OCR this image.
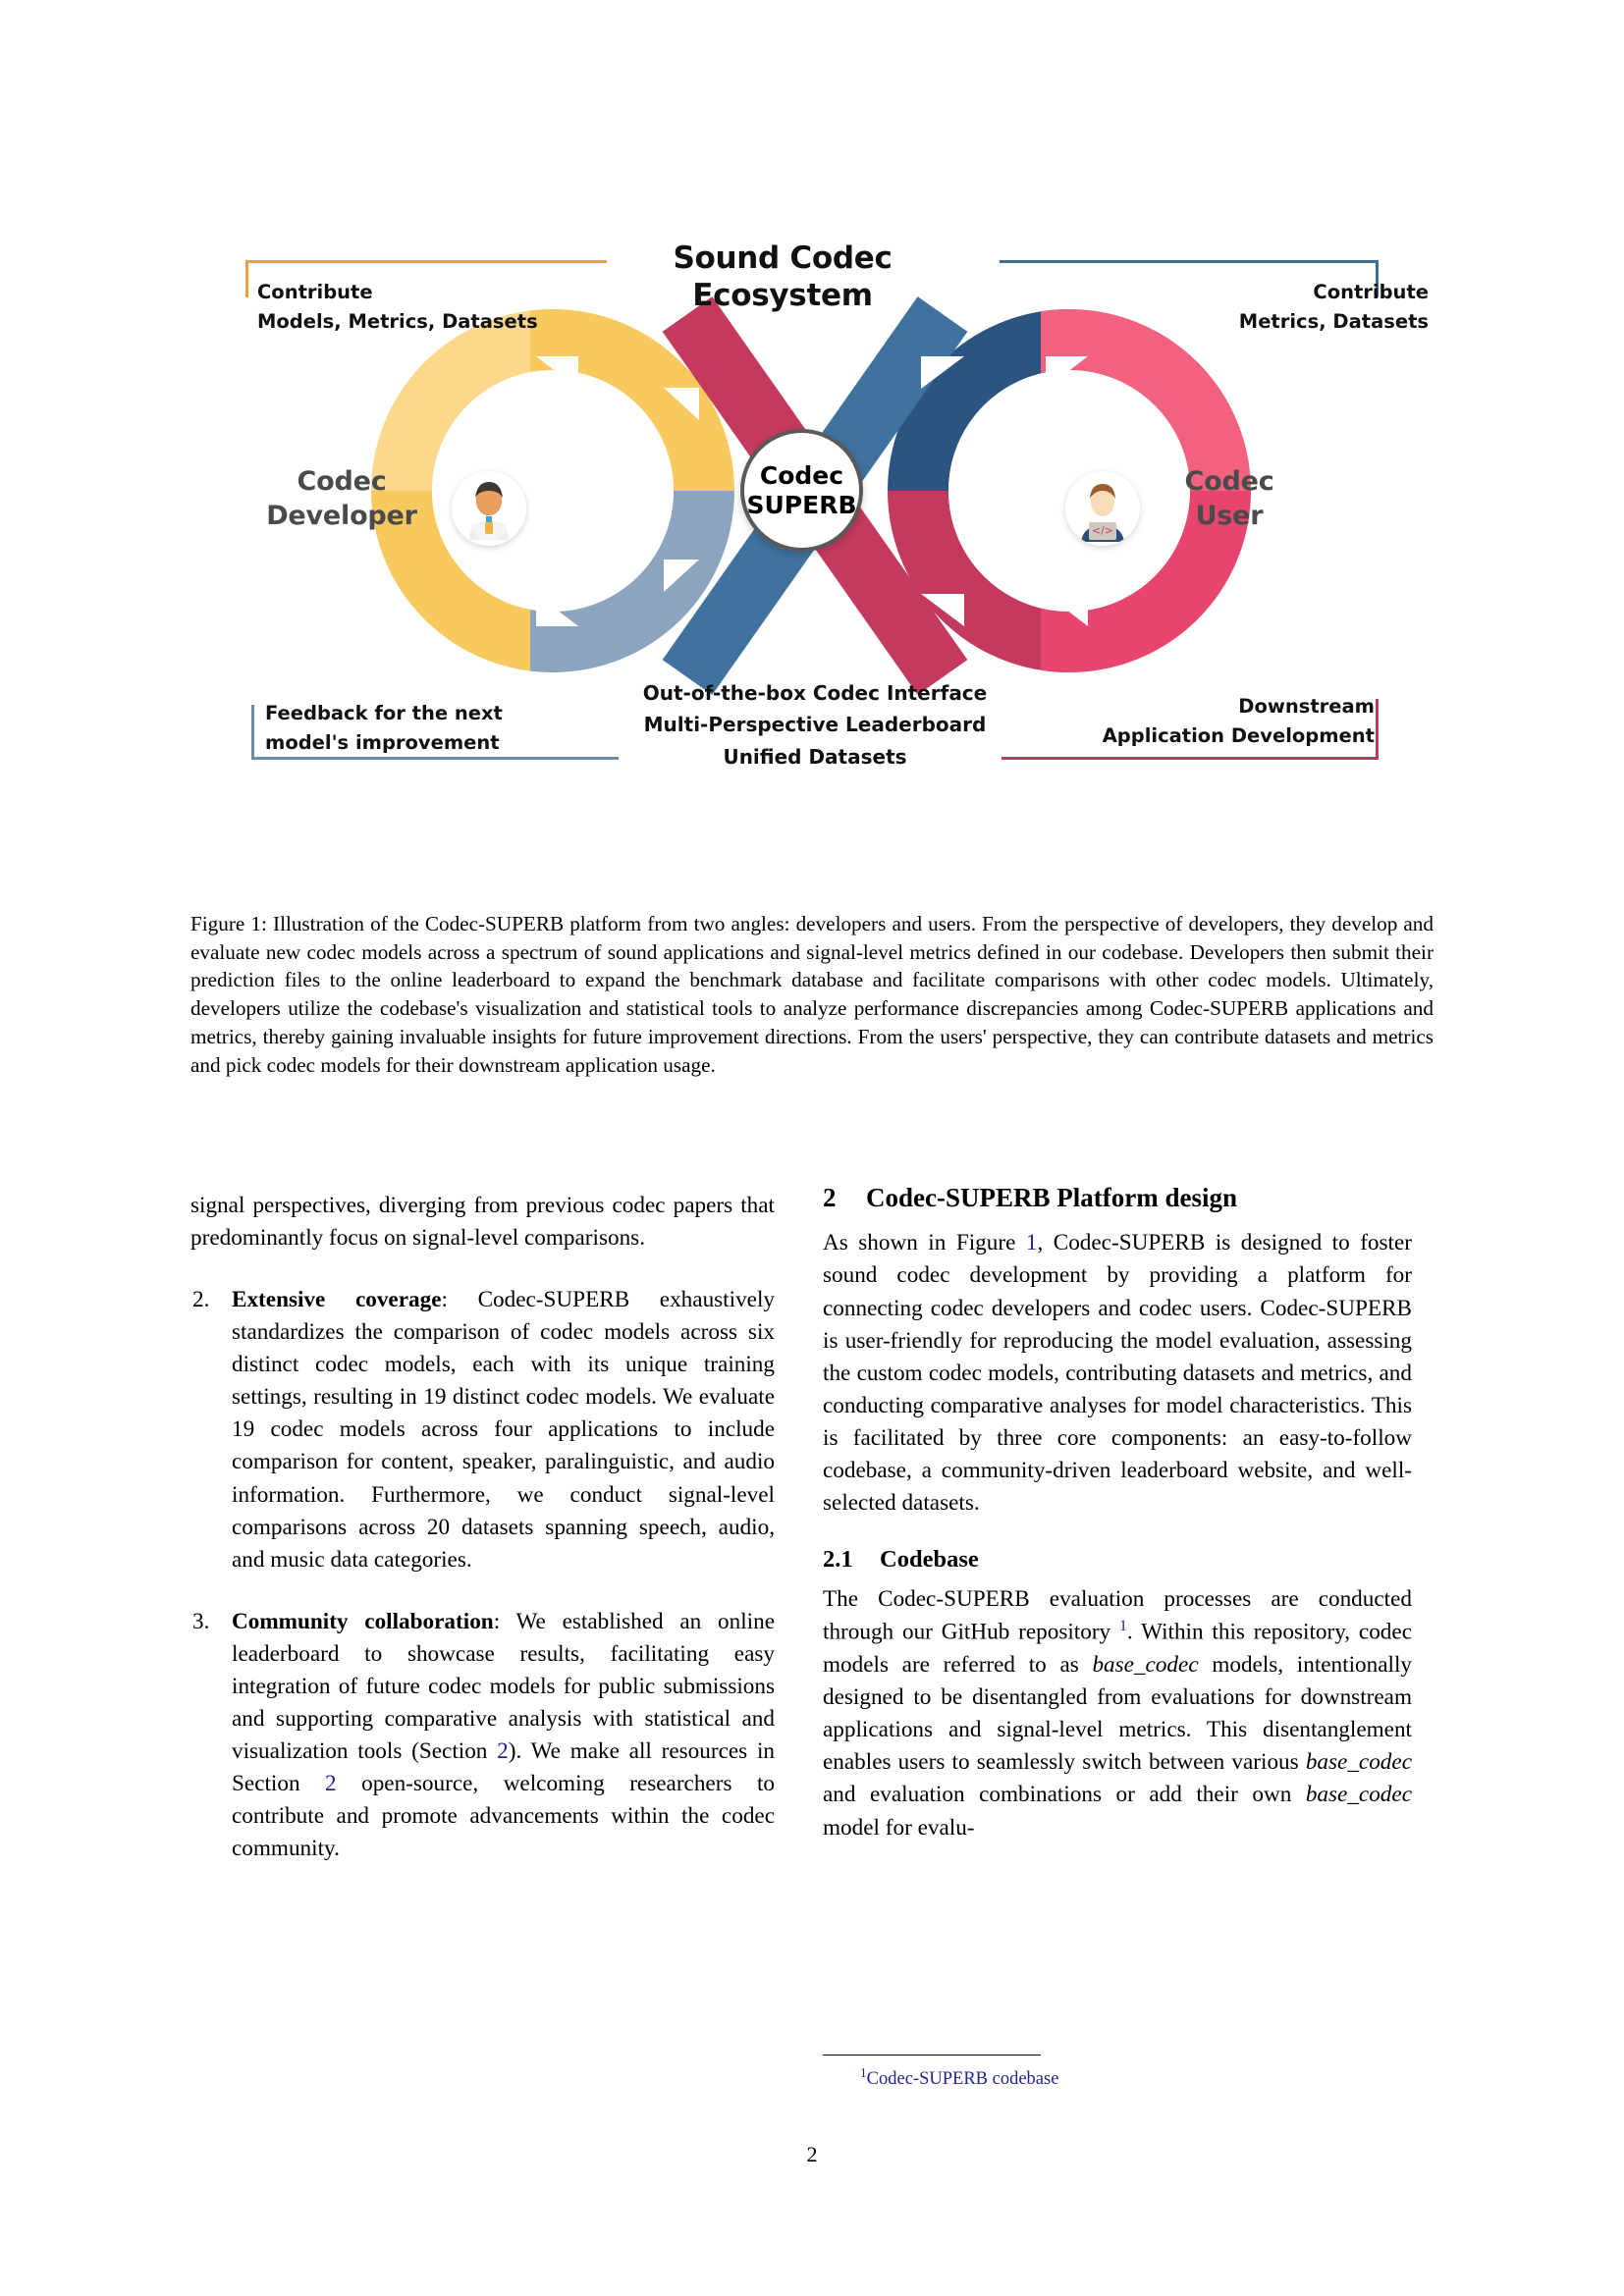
Sound Codec
Ecosystem
Codec
SUPERB
</>
Contribute
Models, Metrics, Datasets
Contribute
Metrics, Datasets
Feedback for the next
model's improvement
Downstream
Application Development
Out-of-the-box Codec Interface
Multi-Perspective Leaderboard
Unified Datasets
Codec
Developer
Codec
User
Figure 1: Illustration of the Codec-SUPERB platform from two angles: developers and users. From the perspective of developers, they develop and evaluate new codec models across a spectrum of sound applications and signal-level metrics defined in our codebase. Developers then submit their prediction files to the online leaderboard to expand the benchmark database and facilitate comparisons with other codec models. Ultimately, developers utilize the codebase's visualization and statistical tools to analyze performance discrepancies among Codec-SUPERB applications and metrics, thereby gaining invaluable insights for future improvement directions. From the users' perspective, they can contribute datasets and metrics and pick codec models for their downstream application usage.
signal perspectives, diverging from previous codec papers that predominantly focus on signal-level comparisons.
2. Extensive coverage: Codec-SUPERB exhaustively standardizes the comparison of codec models across six distinct codec models, each with its unique training settings, resulting in 19 distinct codec models. We evaluate 19 codec models across four applications to include comparison for content, speaker, paralinguistic, and audio information. Furthermore, we conduct signal-level comparisons across 20 datasets spanning speech, audio, and music data categories.
3. Community collaboration: We established an online leaderboard to showcase results, facilitating easy integration of future codec models for public submissions and supporting comparative analysis with statistical and visualization tools (Section 2). We make all resources in Section 2 open-source, welcoming researchers to contribute and promote advancements within the codec community.
2 Codec-SUPERB Platform design
As shown in Figure 1, Codec-SUPERB is designed to foster sound codec development by providing a platform for connecting codec developers and codec users. Codec-SUPERB is user-friendly for reproducing the model evaluation, assessing the custom codec models, contributing datasets and metrics, and conducting comparative analyses for model characteristics. This is facilitated by three core components: an easy-to-follow codebase, a community-driven leaderboard website, and well-selected datasets.
2.1 Codebase
The Codec-SUPERB evaluation processes are conducted through our GitHub repository $^1$. Within this repository, codec models are referred to as base_codec models, intentionally designed to be disentangled from evaluations for downstream applications and signal-level metrics. This disentanglement enables users to seamlessly switch between various base_codec and evaluation combinations or add their own base_codec model for evalu-
$^1$Codec-SUPERB codebase
2
